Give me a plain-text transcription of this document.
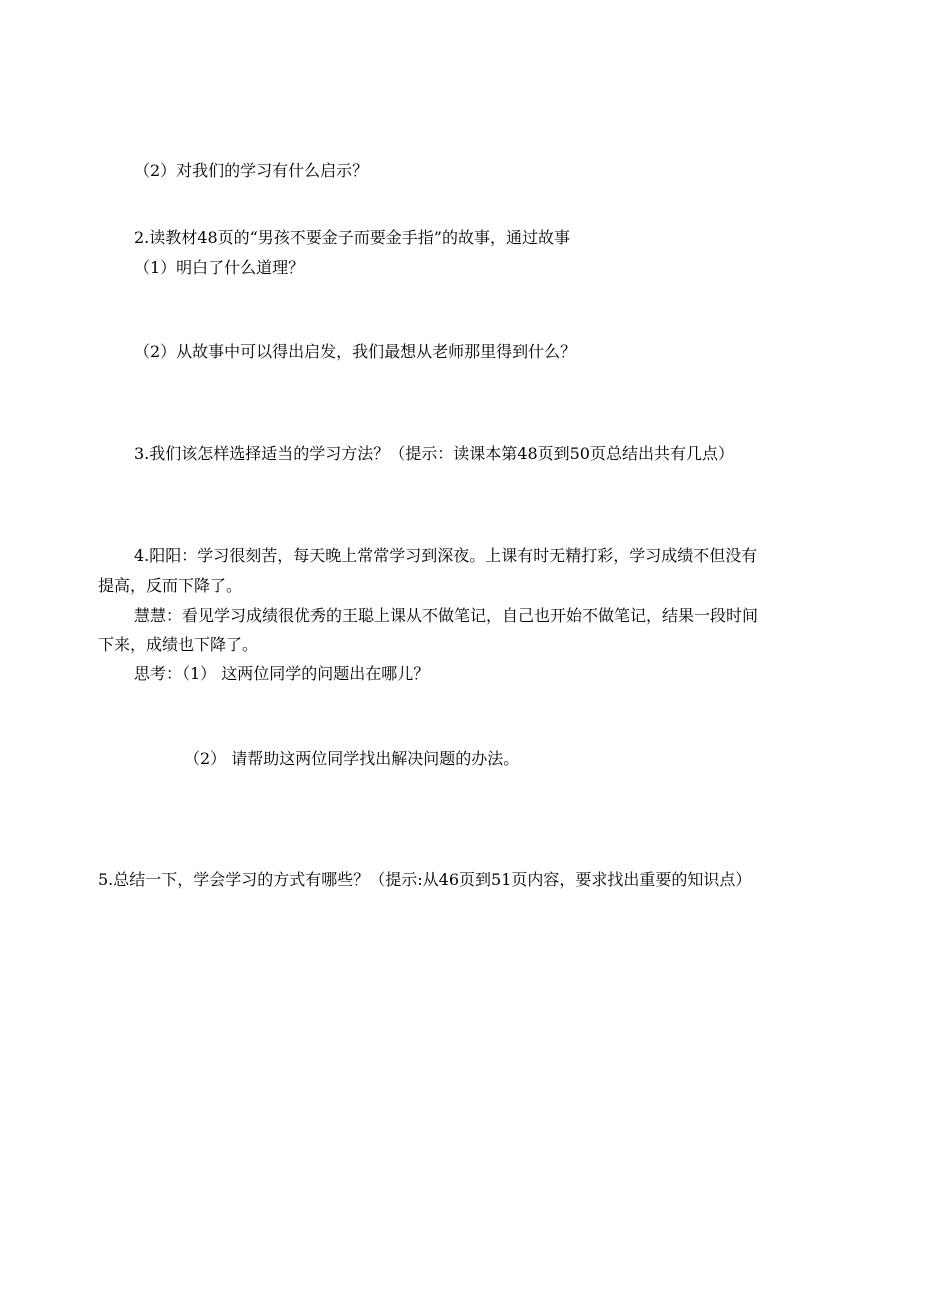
（2）对我们的学习有什么启示？
2.读教材48页的“男孩不要金子而要金手指”的故事，通过故事
（1）明白了什么道理？
（2）从故事中可以得出启发，我们最想从老师那里得到什么？
3.我们该怎样选择适当的学习方法？（提示：读课本第48页到50页总结出共有几点）
4.阳阳：学习很刻苦，每天晚上常常学习到深夜。上课有时无精打彩，学习成绩不但没有
提高，反而下降了。
慧慧：看见学习成绩很优秀的王聪上课从不做笔记，自己也开始不做笔记，结果一段时间
下来，成绩也下降了。
思考：（1） 这两位同学的问题出在哪儿？
（2） 请帮助这两位同学找出解决问题的办法。
5.总结一下，学会学习的方式有哪些？（提示:从46页到51页内容，要求找出重要的知识点）
